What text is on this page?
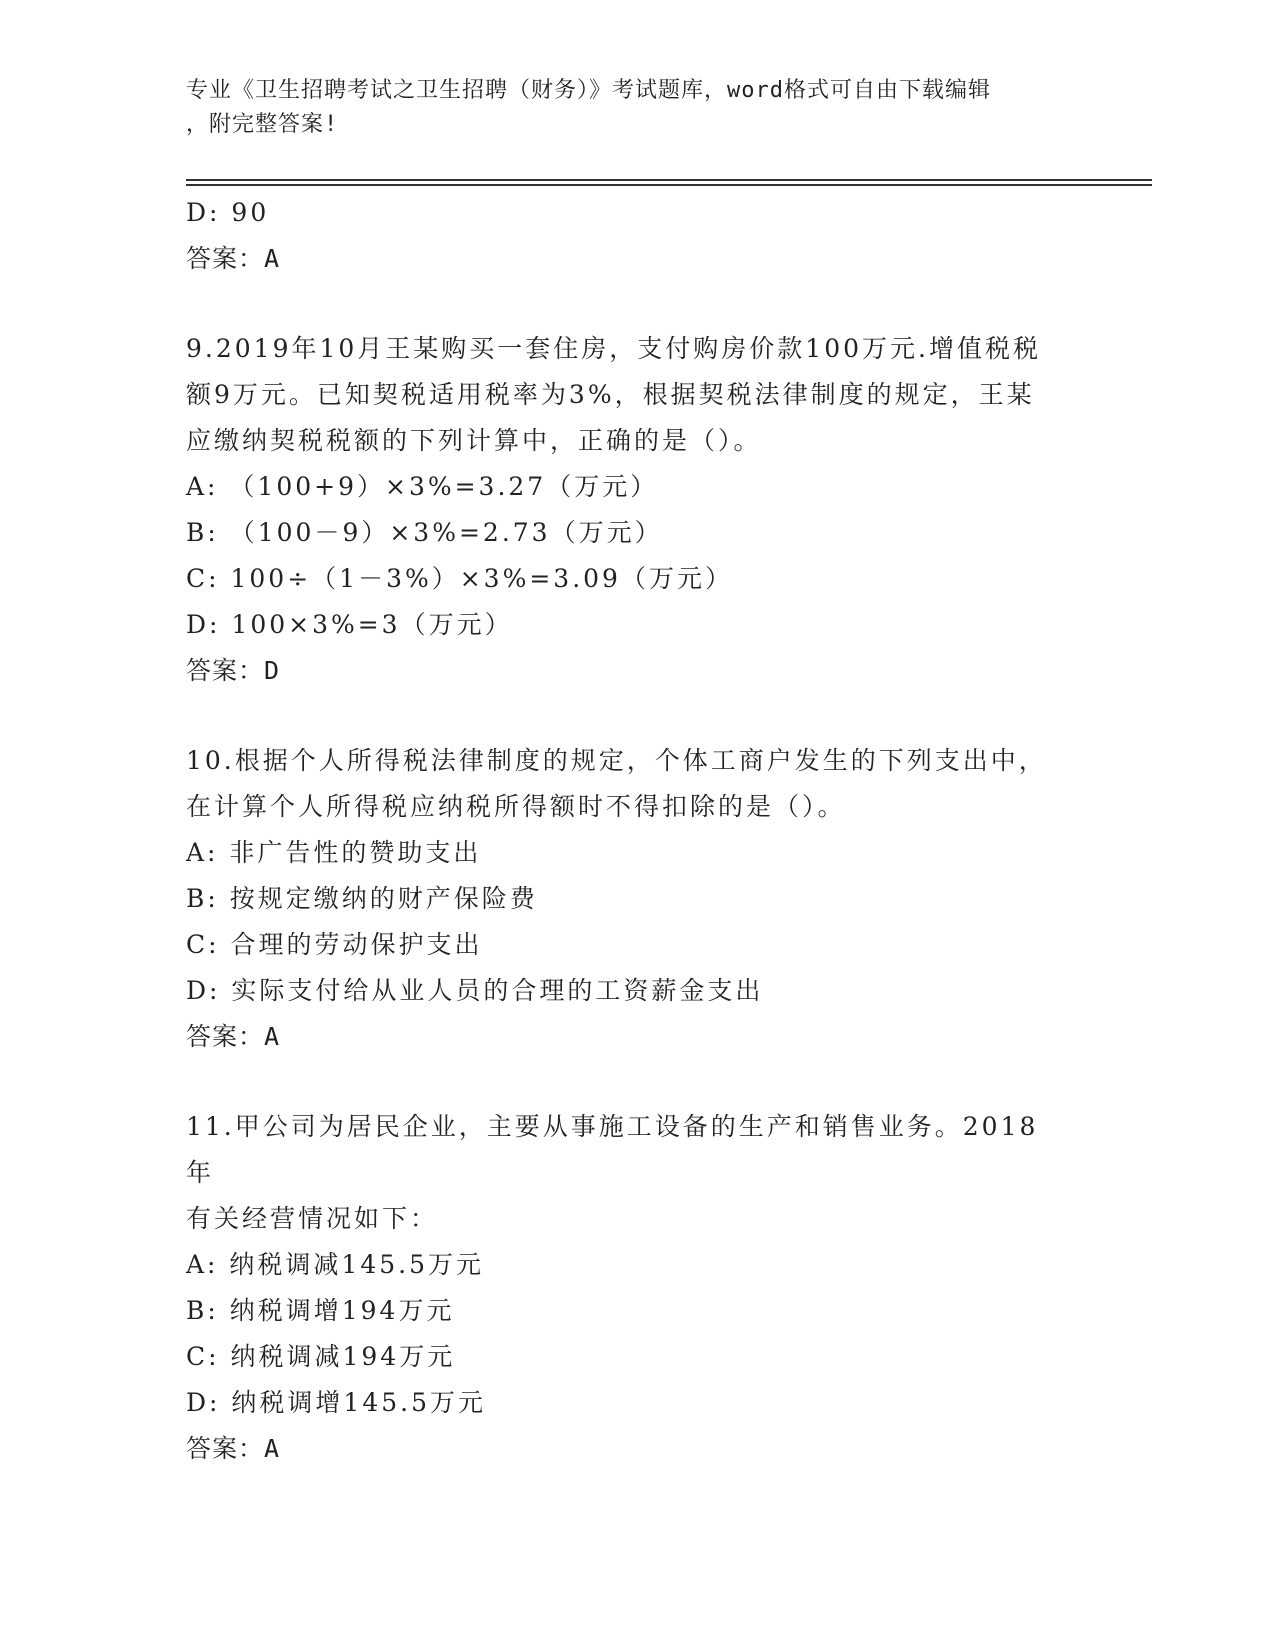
专业《卫生招聘考试之卫生招聘（财务）》考试题库，word格式可自由下载编辑
，附完整答案!
D: 90
答案：A
9.2019年10月王某购买一套住房，支付购房价款100万元.增值税税
额9万元。已知契税适用税率为3%，根据契税法律制度的规定，王某
应缴纳契税税额的下列计算中，正确的是（）。
A: （100+9）×3%=3.27（万元）
B: （100－9）×3%=2.73（万元）
C: 100÷（1－3%）×3%=3.09（万元）
D: 100×3%=3（万元）
答案：D
10.根据个人所得税法律制度的规定，个体工商户发生的下列支出中，
在计算个人所得税应纳税所得额时不得扣除的是（）。
A: 非广告性的赞助支出
B: 按规定缴纳的财产保险费
C: 合理的劳动保护支出
D: 实际支付给从业人员的合理的工资薪金支出
答案：A
11.甲公司为居民企业，主要从事施工设备的生产和销售业务。2018年
有关经营情况如下：
A: 纳税调减145.5万元
B: 纳税调增194万元
C: 纳税调减194万元
D: 纳税调增145.5万元
答案：A
